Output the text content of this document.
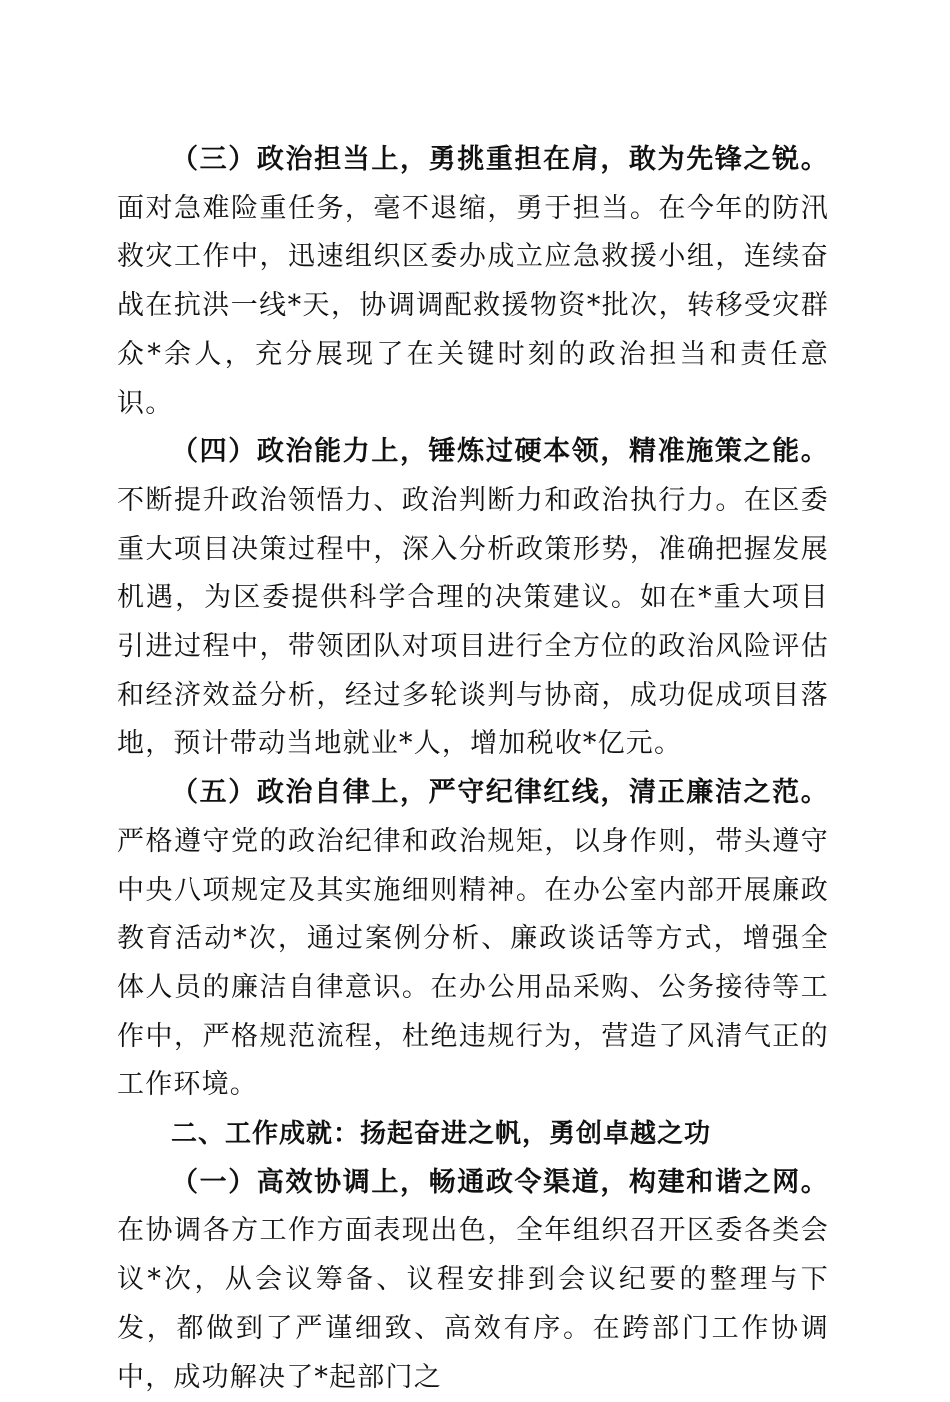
（三）政治担当上，勇挑重担在肩，敢为先锋之锐。面对急难险重任务，毫不退缩，勇于担当。在今年的防汛救灾工作中，迅速组织区委办成立应急救援小组，连续奋战在抗洪一线*天，协调调配救援物资*批次，转移受灾群众*余人，充分展现了在关键时刻的政治担当和责任意识。

（四）政治能力上，锤炼过硬本领，精准施策之能。不断提升政治领悟力、政治判断力和政治执行力。在区委重大项目决策过程中，深入分析政策形势，准确把握发展机遇，为区委提供科学合理的决策建议。如在*重大项目引进过程中，带领团队对项目进行全方位的政治风险评估和经济效益分析，经过多轮谈判与协商，成功促成项目落地，预计带动当地就业*人，增加税收*亿元。

（五）政治自律上，严守纪律红线，清正廉洁之范。严格遵守党的政治纪律和政治规矩，以身作则，带头遵守中央八项规定及其实施细则精神。在办公室内部开展廉政教育活动*次，通过案例分析、廉政谈话等方式，增强全体人员的廉洁自律意识。在办公用品采购、公务接待等工作中，严格规范流程，杜绝违规行为，营造了风清气正的工作环境。

二、工作成就：扬起奋进之帆，勇创卓越之功

（一）高效协调上，畅通政令渠道，构建和谐之网。在协调各方工作方面表现出色，全年组织召开区委各类会议*次，从会议筹备、议程安排到会议纪要的整理与下发，都做到了严谨细致、高效有序。在跨部门工作协调中，成功解决了*起部门之
